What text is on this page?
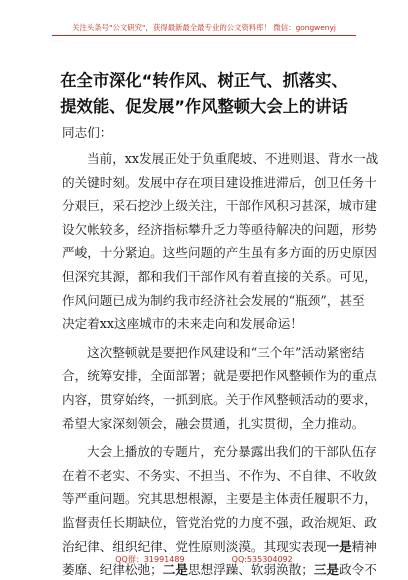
关注头条号"公文研究"，获得最新最全最专业的公文资料库！ 微信：gongwenyj
在全市深化“转作风、树正气、抓落实、
提效能、促发展”作风整顿大会上的讲话
同志们：
当前，xx发展正处于负重爬坡、不进则退、背水一战
的关键时刻。发展中存在项目建设推进滞后，创卫任务十
分艰巨，采石挖沙上级关注，干部作风积习甚深，城市建
设欠帐较多，经济指标攀升乏力等亟待解决的问题，形势
严峻，十分紧迫。这些问题的产生虽有多方面的历史原因
但深究其源，都和我们干部作风有着直接的关系。可见，
作风问题已成为制约我市经济社会发展的“瓶颈”，甚至
决定着xx这座城市的未来走向和发展命运！
这次整顿就是要把作风建设和“三个年”活动紧密结
合，统筹安排，全面部署；就是要把作风整顿作为的重点
内容，贯穿始终，一抓到底。关于作风整顿活动的要求，
希望大家深刻领会，融会贯通，扎实贯彻，全力推动。
大会上播放的专题片，充分暴露出我们的干部队伍存
在着不老实、不务实、不担当、不作为、不自律、不收敛
等严重问题。究其思想根源，主要是主体责任履职不力，
监督责任长期缺位，管党治党的力度不强，政治规矩、政
治纪律、组织纪律、党性原则淡漠。其现实表现一是精神
萎靡、纪律松弛；二是思想浮躁、软弱涣散；三是政令不
QQ群：31991489	QQ:535304092
